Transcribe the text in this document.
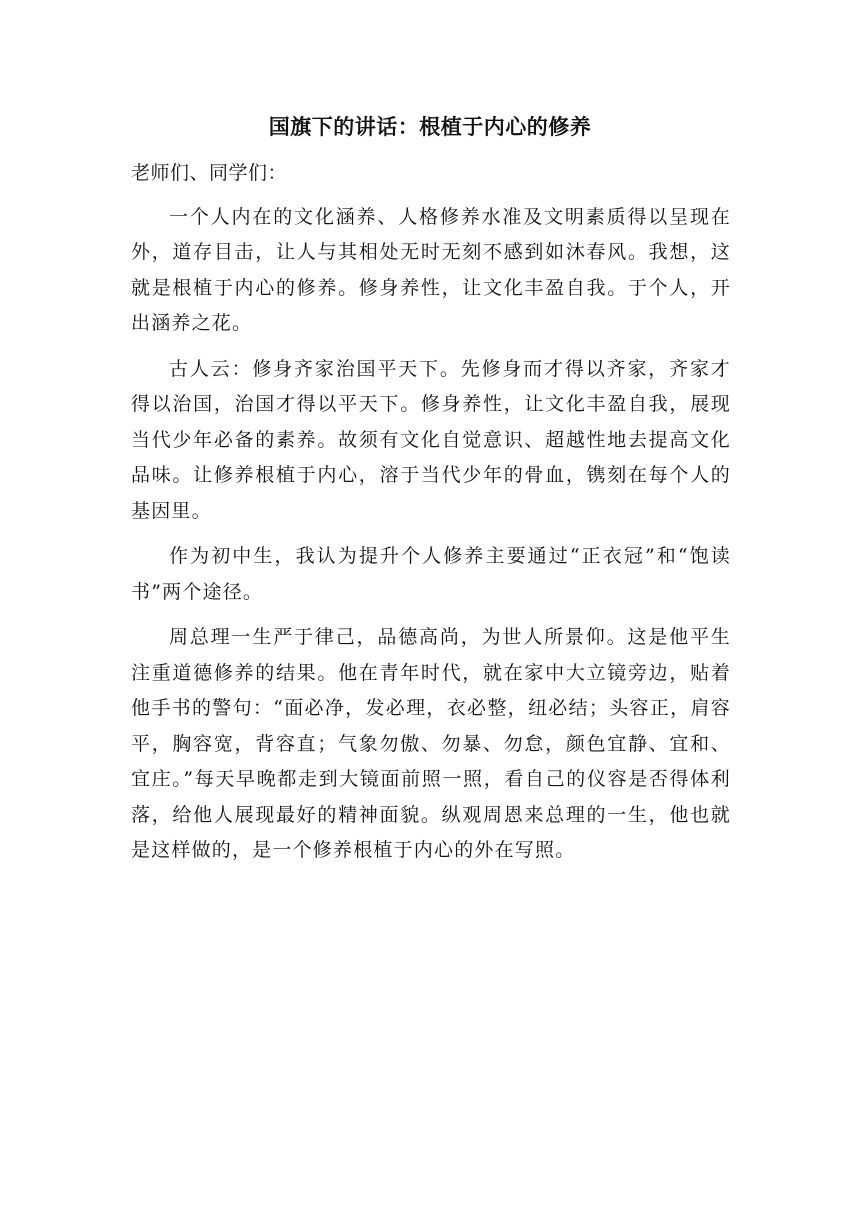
国旗下的讲话：根植于内心的修养

老师们、同学们：

一个人内在的文化涵养、人格修养水准及文明素质得以呈现在外，道存目击，让人与其相处无时无刻不感到如沐春风。我想，这就是根植于内心的修养。修身养性，让文化丰盈自我。于个人，开出涵养之花。

古人云：修身齐家治国平天下。先修身而才得以齐家，齐家才得以治国，治国才得以平天下。修身养性，让文化丰盈自我，展现当代少年必备的素养。故须有文化自觉意识、超越性地去提高文化品味。让修养根植于内心，溶于当代少年的骨血，镌刻在每个人的基因里。

作为初中生，我认为提升个人修养主要通过“正衣冠”和“饱读书”两个途径。

周总理一生严于律己，品德高尚，为世人所景仰。这是他平生注重道德修养的结果。他在青年时代，就在家中大立镜旁边，贴着他手书的警句：“面必净，发必理，衣必整，纽必结；头容正，肩容平，胸容宽，背容直；气象勿傲、勿暴、勿怠，颜色宜静、宜和、宜庄。”每天早晚都走到大镜面前照一照，看自己的仪容是否得体利落，给他人展现最好的精神面貌。纵观周恩来总理的一生，他也就是这样做的，是一个修养根植于内心的外在写照。
